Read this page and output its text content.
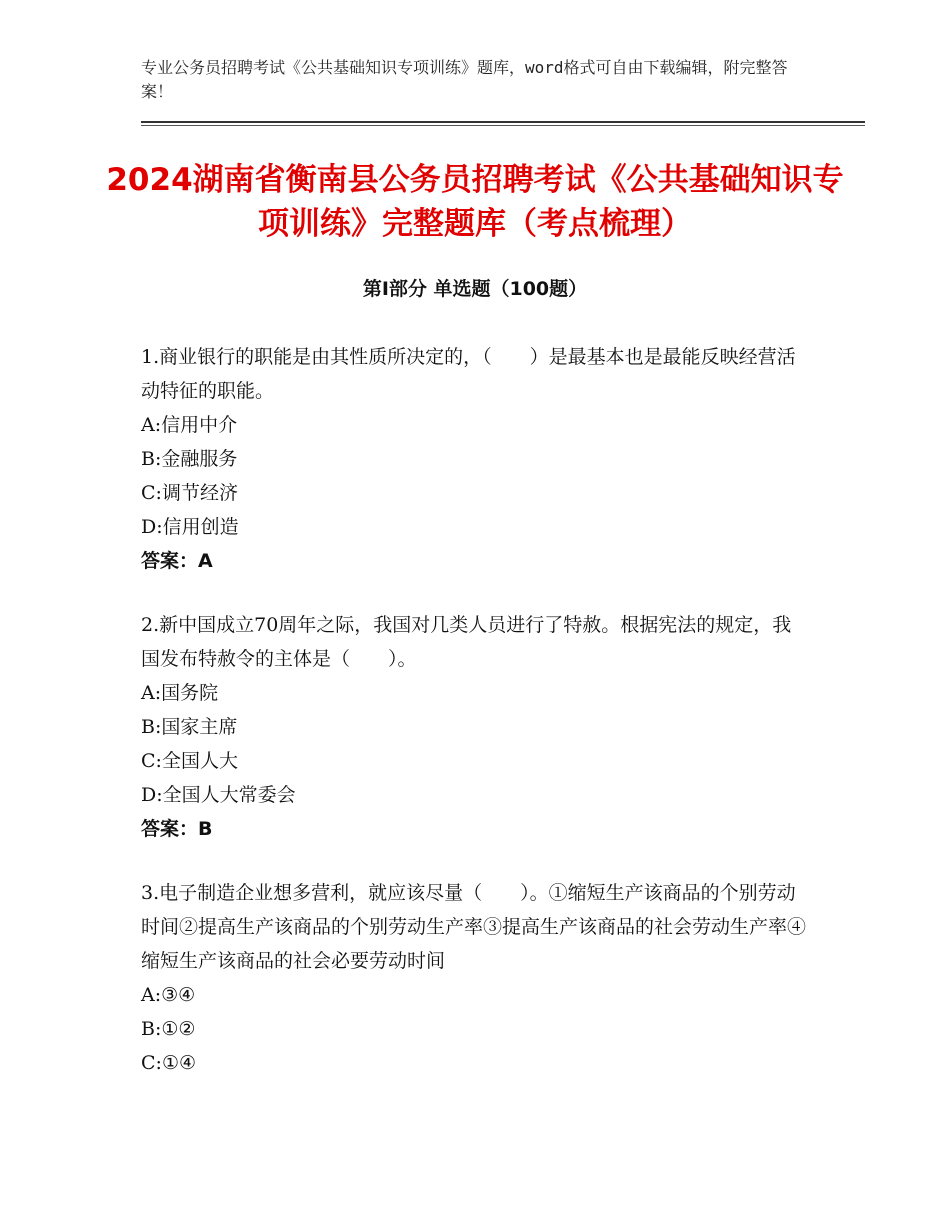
专业公务员招聘考试《公共基础知识专项训练》题库，word格式可自由下载编辑，附完整答案！
2024湖南省衡南县公务员招聘考试《公共基础知识专项训练》完整题库（考点梳理）
第Ⅰ部分 单选题（100题）

1.商业银行的职能是由其性质所决定的，（　　）是最基本也是最能反映经营活动特征的职能。

A:信用中介

B:金融服务

C:调节经济

D:信用创造

答案：A

2.新中国成立70周年之际，我国对几类人员进行了特赦。根据宪法的规定，我国发布特赦令的主体是（　　）。

A:国务院

B:国家主席

C:全国人大

D:全国人大常委会

答案：B

3.电子制造企业想多营利，就应该尽量（　　）。①缩短生产该商品的个别劳动时间②提高生产该商品的个别劳动生产率③提高生产该商品的社会劳动生产率④缩短生产该商品的社会必要劳动时间

A:③④

B:①②

C:①④
